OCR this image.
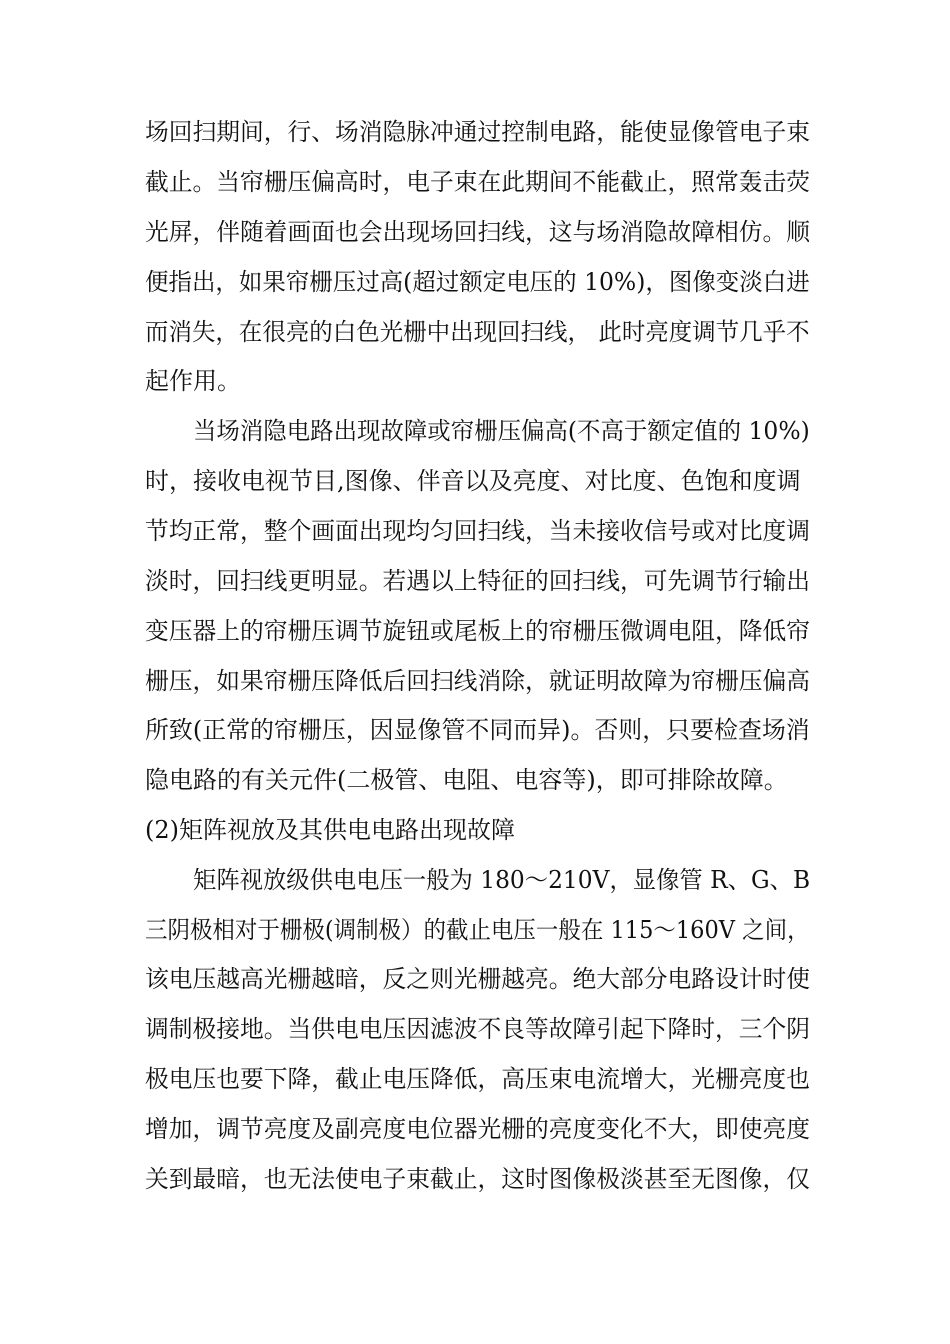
场回扫期间，行、场消隐脉冲通过控制电路，能使显像管电子束
截止。当帘栅压偏高时，电子束在此期间不能截止，照常轰击荧
光屏，伴随着画面也会出现场回扫线，这与场消隐故障相仿。顺
便指出，如果帘栅压过高(超过额定电压的 10%)，图像变淡白进
而消失，在很亮的白色光栅中出现回扫线， 此时亮度调节几乎不
起作用。
当场消隐电路出现故障或帘栅压偏高(不高于额定值的 10%)
时，接收电视节目,图像、伴音以及亮度、对比度、色饱和度调
节均正常，整个画面出现均匀回扫线，当未接收信号或对比度调
淡时，回扫线更明显。若遇以上特征的回扫线，可先调节行输出
变压器上的帘栅压调节旋钮或尾板上的帘栅压微调电阻，降低帘
栅压，如果帘栅压降低后回扫线消除，就证明故障为帘栅压偏高
所致(正常的帘栅压，因显像管不同而异)。否则，只要检查场消
隐电路的有关元件(二极管、电阻、电容等)，即可排除故障。
(2)矩阵视放及其供电电路出现故障
矩阵视放级供电电压一般为 180～210V，显像管 R、G、B
三阴极相对于栅极(调制极）的截止电压一般在 115～160V 之间，
该电压越高光栅越暗，反之则光栅越亮。绝大部分电路设计时使
调制极接地。当供电电压因滤波不良等故障引起下降时，三个阴
极电压也要下降，截止电压降低，高压束电流增大，光栅亮度也
增加，调节亮度及副亮度电位器光栅的亮度变化不大，即使亮度
关到最暗，也无法使电子束截止，这时图像极淡甚至无图像，仅
